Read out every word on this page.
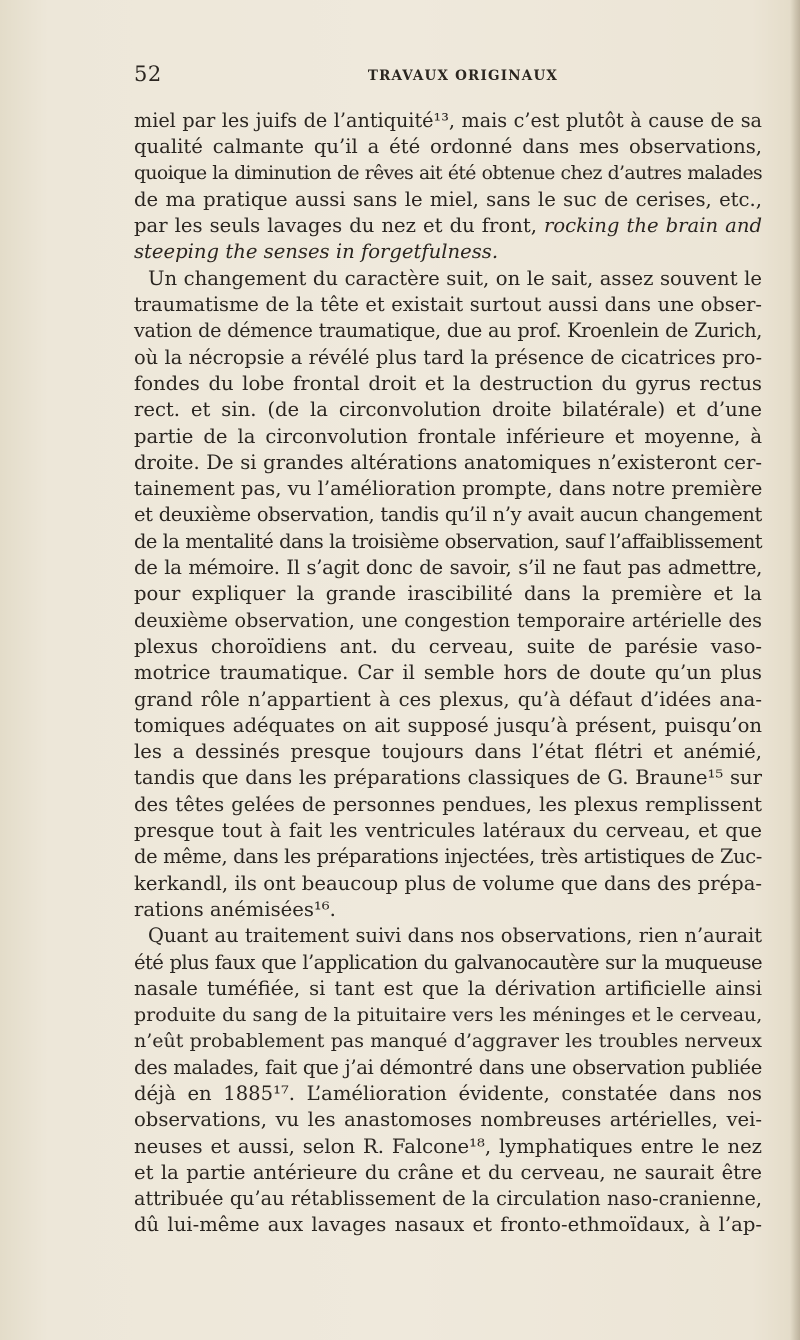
52	TRAVAUX ORIGINAUX
miel par les juifs de l’antiquité¹³, mais c’est plutôt à cause de sa
qualité calmante qu’il a été ordonné dans mes observations,
quoique la diminution de rêves ait été obtenue chez d’autres malades
de ma pratique aussi sans le miel, sans le suc de cerises, etc.,
par les seuls lavages du nez et du front, rocking the brain and
steeping the senses in forgetfulness.
Un changement du caractère suit, on le sait, assez souvent le
traumatisme de la tête et existait surtout aussi dans une obser-
vation de démence traumatique, due au prof. Kroenlein de Zurich,
où la nécropsie a révélé plus tard la présence de cicatrices pro-
fondes du lobe frontal droit et la destruction du gyrus rectus
rect. et sin. (de la circonvolution droite bilatérale) et d’une
partie de la circonvolution frontale inférieure et moyenne, à
droite. De si grandes altérations anatomiques n’existeront cer-
tainement pas, vu l’amélioration prompte, dans notre première
et deuxième observation, tandis qu’il n’y avait aucun changement
de la mentalité dans la troisième observation, sauf l’affaiblissement
de la mémoire. Il s’agit donc de savoir, s’il ne faut pas admettre,
pour expliquer la grande irascibilité dans la première et la
deuxième observation, une congestion temporaire artérielle des
plexus choroïdiens ant. du cerveau, suite de parésie vaso-
motrice traumatique. Car il semble hors de doute qu’un plus
grand rôle n’appartient à ces plexus, qu’à défaut d’idées ana-
tomiques adéquates on ait supposé jusqu’à présent, puisqu’on
les a dessinés presque toujours dans l’état flétri et anémié,
tandis que dans les préparations classiques de G. Braune¹⁵ sur
des têtes gelées de personnes pendues, les plexus remplissent
presque tout à fait les ventricules latéraux du cerveau, et que
de même, dans les préparations injectées, très artistiques de Zuc-
kerkandl, ils ont beaucoup plus de volume que dans des prépa-
rations anémisées¹⁶.
Quant au traitement suivi dans nos observations, rien n’aurait
été plus faux que l’application du galvanocautère sur la muqueuse
nasale tuméfiée, si tant est que la dérivation artificielle ainsi
produite du sang de la pituitaire vers les méninges et le cerveau,
n’eût probablement pas manqué d’aggraver les troubles nerveux
des malades, fait que j’ai démontré dans une observation publiée
déjà en 1885¹⁷. L’amélioration évidente, constatée dans nos
observations, vu les anastomoses nombreuses artérielles, vei-
neuses et aussi, selon R. Falcone¹⁸, lymphatiques entre le nez
et la partie antérieure du crâne et du cerveau, ne saurait être
attribuée qu’au rétablissement de la circulation naso-cranienne,
dû lui-même aux lavages nasaux et fronto-ethmoïdaux, à l’ap-
